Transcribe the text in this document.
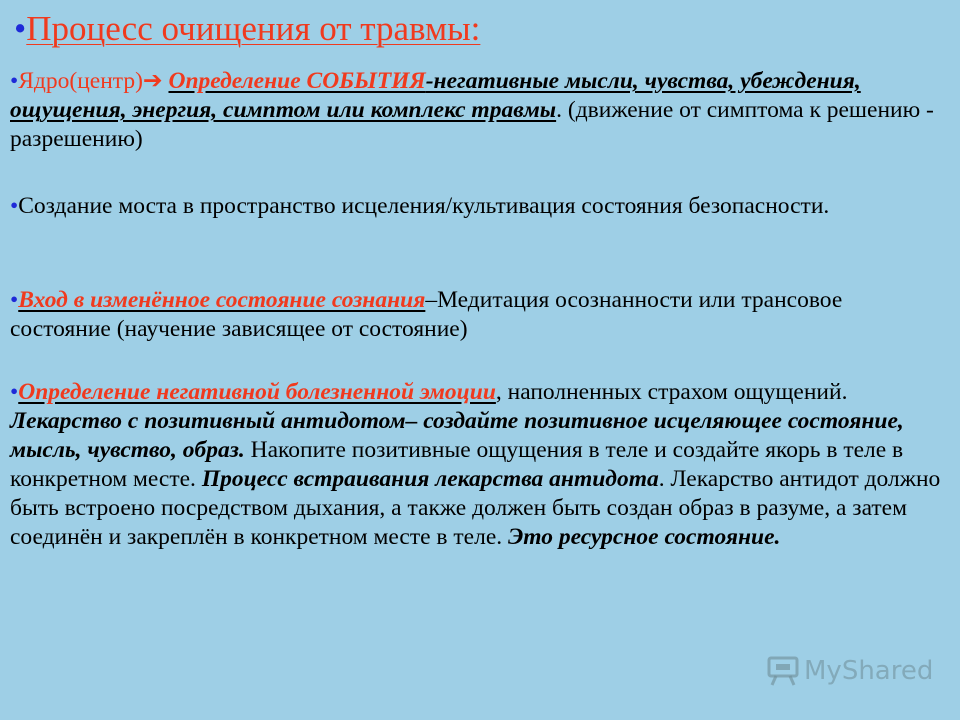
•Процесс очищения от травмы:
•Ядро(центр)➔ Определение СОБЫТИЯ-негативные мысли, чувства, убеждения, ощущения, энергия, симптом или комплекс травмы. (движение от симптома к решению - разрешению)
•Создание моста в пространство исцеления/культивация состояния безопасности.
•Вход в изменённое состояние сознания–Медитация осознанности или трансовое состояние (научение зависящее от состояние)
•Определение негативной болезненной эмоции, наполненных страхом ощущений. Лекарство с позитивный антидотом– создайте позитивное исцеляющее состояние, мысль, чувство, образ. Накопите позитивные ощущения в теле и создайте якорь в теле в конкретном месте. Процесс встраивания лекарства антидота. Лекарство антидот должно быть встроено посредством дыхания, а также должен быть создан образ в разуме, а затем соединён и закреплён в конкретном месте в теле. Это ресурсное состояние.
MyShared
